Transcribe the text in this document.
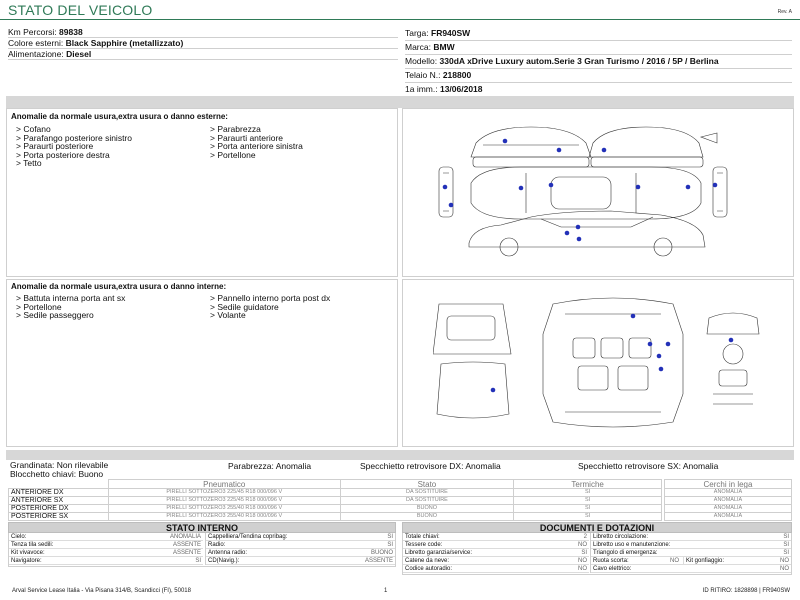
STATO DEL VEICOLO	Rev. A
Km Percorsi: 89838
Colore esterni: Black Sapphire (metallizzato)
Alimentazione: Diesel
Targa: FR940SW
Marca: BMW
Modello: 330dA xDrive Luxury autom.Serie 3 Gran Turismo / 2016 / 5P / Berlina
Telaio N.: 218800
1a imm.: 13/06/2018
Anomalie da normale usura,extra usura o danno esterne:
> Cofano
> Parafango posteriore sinistro
> Paraurti posteriore
> Porta posteriore destra
> Tetto
> Parabrezza
> Paraurti anteriore
> Porta anteriore sinistra
> Portellone
Anomalie da normale usura,extra usura o danno interne:
> Battuta interna porta ant sx
> Portellone
> Sedile passeggero
> Pannello interno porta post dx
> Sedile guidatore
> Volante
Grandinata: Non rilevabile
Blocchetto chiavi: Buono
Parabrezza: Anomalia	Specchietto retrovisore DX: Anomalia	Specchietto retrovisore SX: Anomalia
	Pneumatico	Stato	Termiche
ANTERIORE DX	PIRELLI SOTTOZERO3 225/45 R18 000/096 V	DA SOSTITUIRE	SI
ANTERIORE SX	PIRELLI SOTTOZERO3 225/45 R18 000/096 V	DA SOSTITUIRE	SI
POSTERIORE DX	PIRELLI SOTTOZERO3 255/40 R18 000/096 V	BUONO	SI
POSTERIORE SX	PIRELLI SOTTOZERO3 255/40 R18 000/096 V	BUONO	SI
Cerchi in lega
ANOMALIA
ANOMALIA
ANOMALIA
ANOMALIA
STATO INTERNO
Cielo:	ANOMALIA
Tenza tila sedili:	ASSENTE
Kit vivavoce:	ASSENTE
Navigatore:	SI
Cappelliera/Tendina copribag:	SI
Radio:	SI
Antenna radio:	BUONO
CD(Navig.):	ASSENTE
DOCUMENTI E DOTAZIONI
Totale chiavi:	2
Tessere code:	NO
Libretto garanzia/service:	SI
Catene da neve:	NO
Codice autoradio:	NO
Libretto circolazione:	SI
Libretto uso e manutenzione:	SI
Triangolo di emergenza:	SI
Ruota scorta:	NO	Kit gonfiaggio:	NO
Cavo elettrico:	NO
Arval Service Lease Italia - Via Pisana 314/B, Scandicci (FI), 50018	1	ID RITIRO: 1828898 | FR940SW
